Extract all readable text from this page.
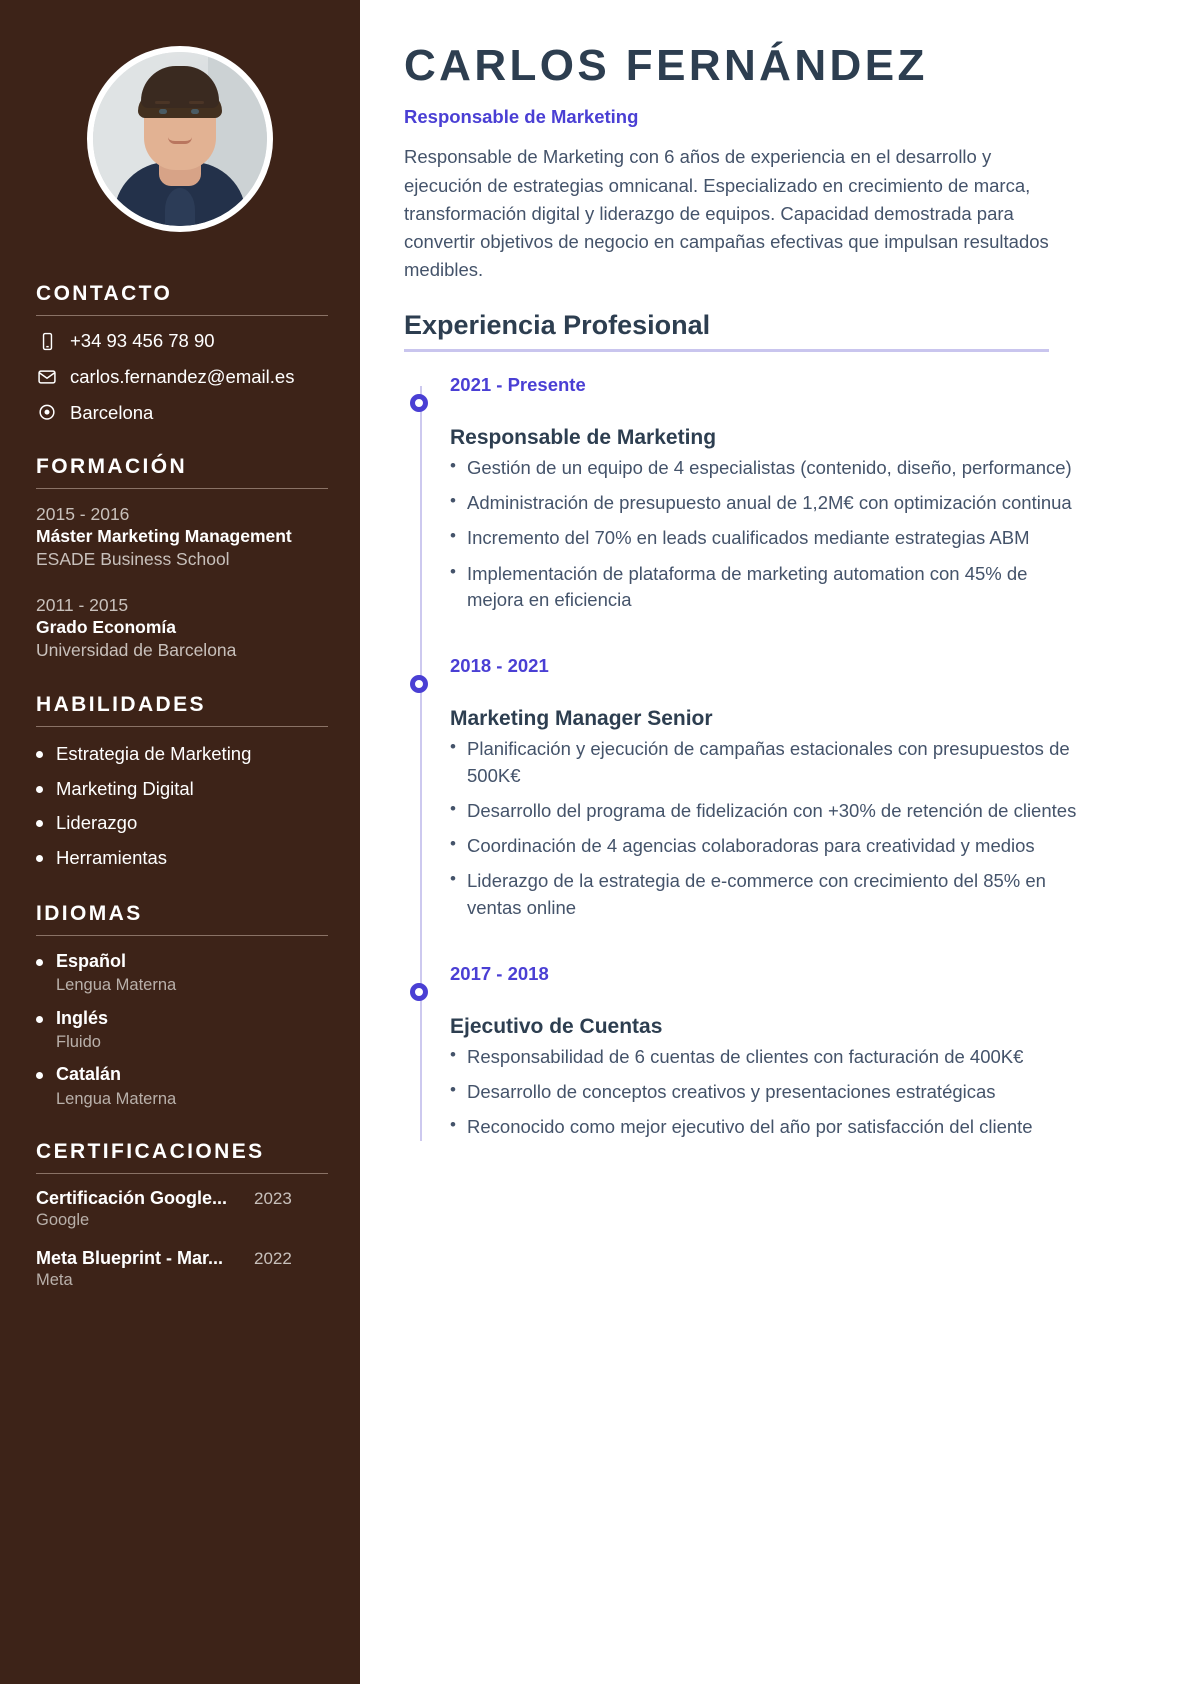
CONTACTO
+34 93 456 78 90
carlos.fernandez@email.es
Barcelona
FORMACIÓN
2015 - 2016
Máster Marketing Management
ESADE Business School
2011 - 2015
Grado Economía
Universidad de Barcelona
HABILIDADES
Estrategia de Marketing
Marketing Digital
Liderazgo
Herramientas
IDIOMAS
Español
Lengua Materna
Inglés
Fluido
Catalán
Lengua Materna
CERTIFICACIONES
Certificación Google...	2023
Google
Meta Blueprint - Mar...	2022
Meta
CARLOS FERNÁNDEZ
Responsable de Marketing

Responsable de Marketing con 6 años de experiencia en el desarrollo y ejecución de estrategias omnicanal. Especializado en crecimiento de marca, transformación digital y liderazgo de equipos. Capacidad demostrada para convertir objetivos de negocio en campañas efectivas que impulsan resultados medibles.

Experiencia Profesional
2021 - Presente
Responsable de Marketing
• Gestión de un equipo de 4 especialistas (contenido, diseño, performance)
• Administración de presupuesto anual de 1,2M€ con optimización continua
• Incremento del 70% en leads cualificados mediante estrategias ABM
• Implementación de plataforma de marketing automation con 45% de mejora en eficiencia
2018 - 2021
Marketing Manager Senior
• Planificación y ejecución de campañas estacionales con presupuestos de 500K€
• Desarrollo del programa de fidelización con +30% de retención de clientes
• Coordinación de 4 agencias colaboradoras para creatividad y medios
• Liderazgo de la estrategia de e-commerce con crecimiento del 85% en ventas online
2017 - 2018
Ejecutivo de Cuentas
• Responsabilidad de 6 cuentas de clientes con facturación de 400K€
• Desarrollo de conceptos creativos y presentaciones estratégicas
• Reconocido como mejor ejecutivo del año por satisfacción del cliente
